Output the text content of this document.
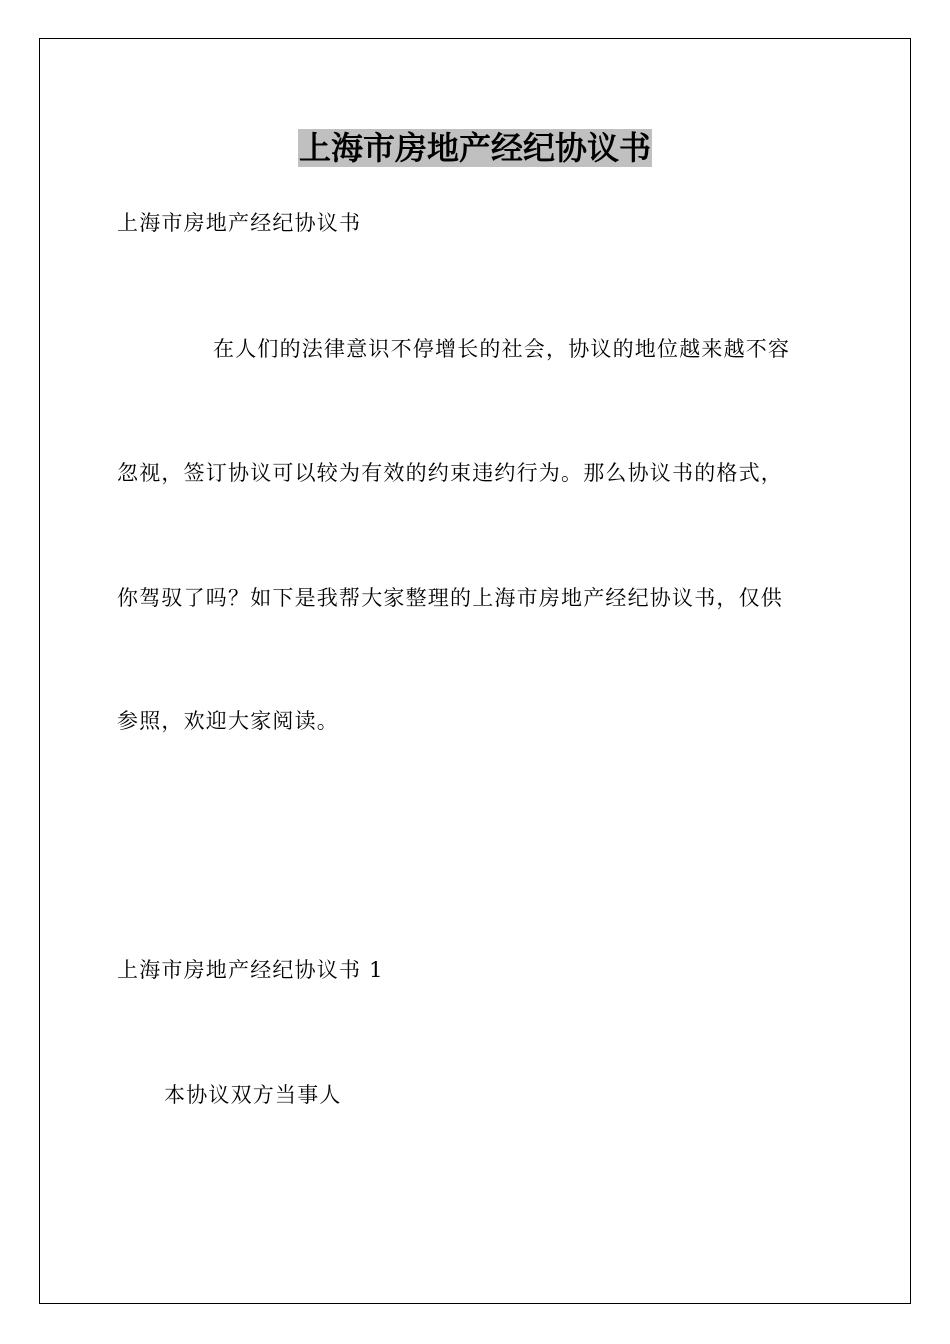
上海市房地产经纪协议书
上海市房地产经纪协议书
在人们的法律意识不停增长的社会，协议的地位越来越不容
忽视，签订协议可以较为有效的约束违约行为。那么协议书的格式，
你驾驭了吗？如下是我帮大家整理的上海市房地产经纪协议书，仅供
参照，欢迎大家阅读。
上海市房地产经纪协议书 1
本协议双方当事人
